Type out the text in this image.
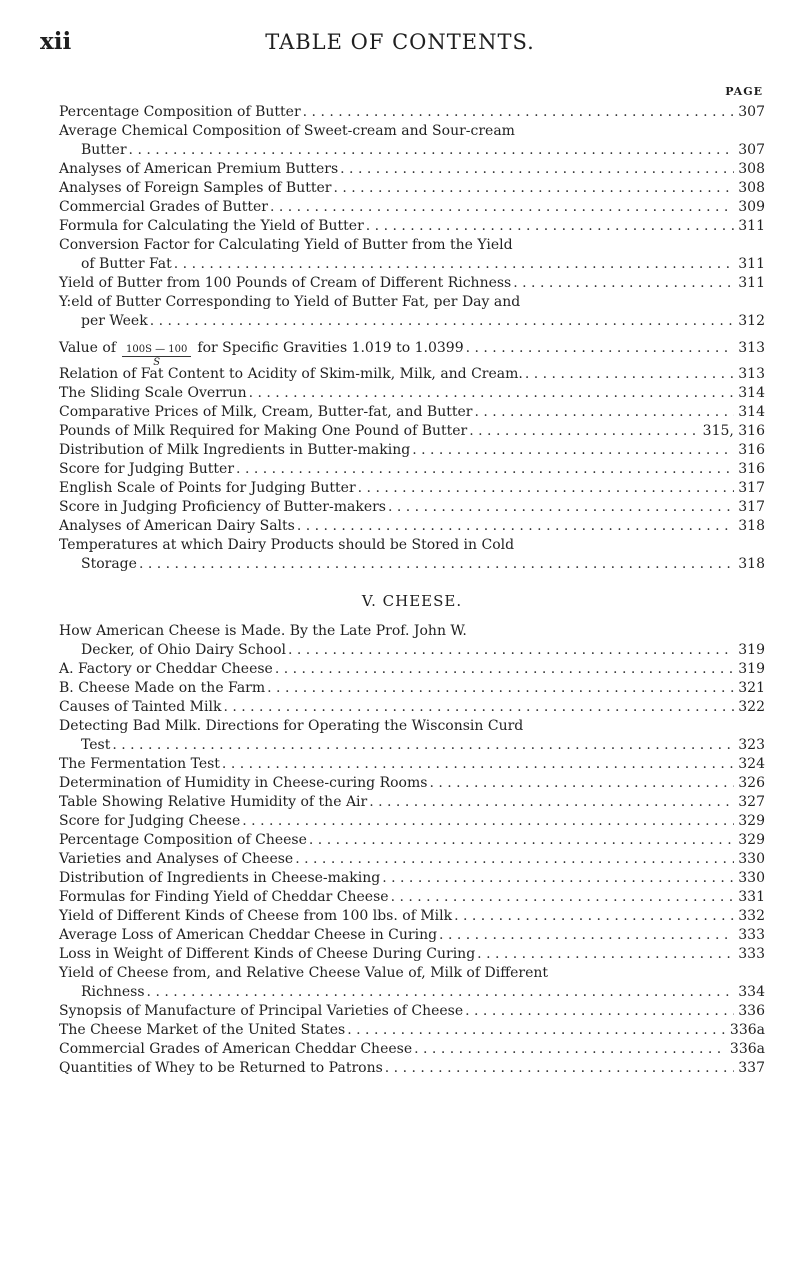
xii	TABLE OF CONTENTS.
PAGE
Percentage Composition of Butter . . .	307
Average Chemical Composition of Sweet-cream and Sour-cream
Butter . . .	307
Analyses of American Premium Butters . . .	308
Analyses of Foreign Samples of Butter . . .	308
Commercial Grades of Butter . . .	309
Formula for Calculating the Yield of Butter . . .	311
Conversion Factor for Calculating Yield of Butter from the Yield
of Butter Fat . . .	311
Yield of Butter from 100 Pounds of Cream of Different Richness . . .	311
Y:eld of Butter Corresponding to Yield of Butter Fat, per Day and
per Week . . .	312
Value of $\frac{100S — 100}{S}$ for Specific Gravities 1.019 to 1.0399 . . .	313
Relation of Fat Content to Acidity of Skim-milk, Milk, and Cream. . . .	313
The Sliding Scale Overrun . . .	314
Comparative Prices of Milk, Cream, Butter-fat, and Butter . . .	314
Pounds of Milk Required for Making One Pound of Butter . . .	315, 316
Distribution of Milk Ingredients in Butter-making . . .	316
Score for Judging Butter . . .	316
English Scale of Points for Judging Butter . . .	317
Score in Judging Proficiency of Butter-makers . . .	317
Analyses of American Dairy Salts . . .	318
Temperatures at which Dairy Products should be Stored in Cold
Storage . . .	318
V. CHEESE.
How American Cheese is Made. By the Late Prof. John W.
Decker, of Ohio Dairy School . . .	319
A. Factory or Cheddar Cheese . . .	319
B. Cheese Made on the Farm . . .	321
Causes of Tainted Milk . . .	322
Detecting Bad Milk. Directions for Operating the Wisconsin Curd
Test . . .	323
The Fermentation Test . . .	324
Determination of Humidity in Cheese-curing Rooms . . .	326
Table Showing Relative Humidity of the Air . . .	327
Score for Judging Cheese . . .	329
Percentage Composition of Cheese . . .	329
Varieties and Analyses of Cheese . . .	330
Distribution of Ingredients in Cheese-making . . .	330
Formulas for Finding Yield of Cheddar Cheese . . .	331
Yield of Different Kinds of Cheese from 100 lbs. of Milk . . .	332
Average Loss of American Cheddar Cheese in Curing . . .	333
Loss in Weight of Different Kinds of Cheese During Curing . . .	333
Yield of Cheese from, and Relative Cheese Value of, Milk of Different
Richness . . .	334
Synopsis of Manufacture of Principal Varieties of Cheese . . .	336
The Cheese Market of the United States . . .	336a
Commercial Grades of American Cheddar Cheese . . .	336a
Quantities of Whey to be Returned to Patrons . . .	337
